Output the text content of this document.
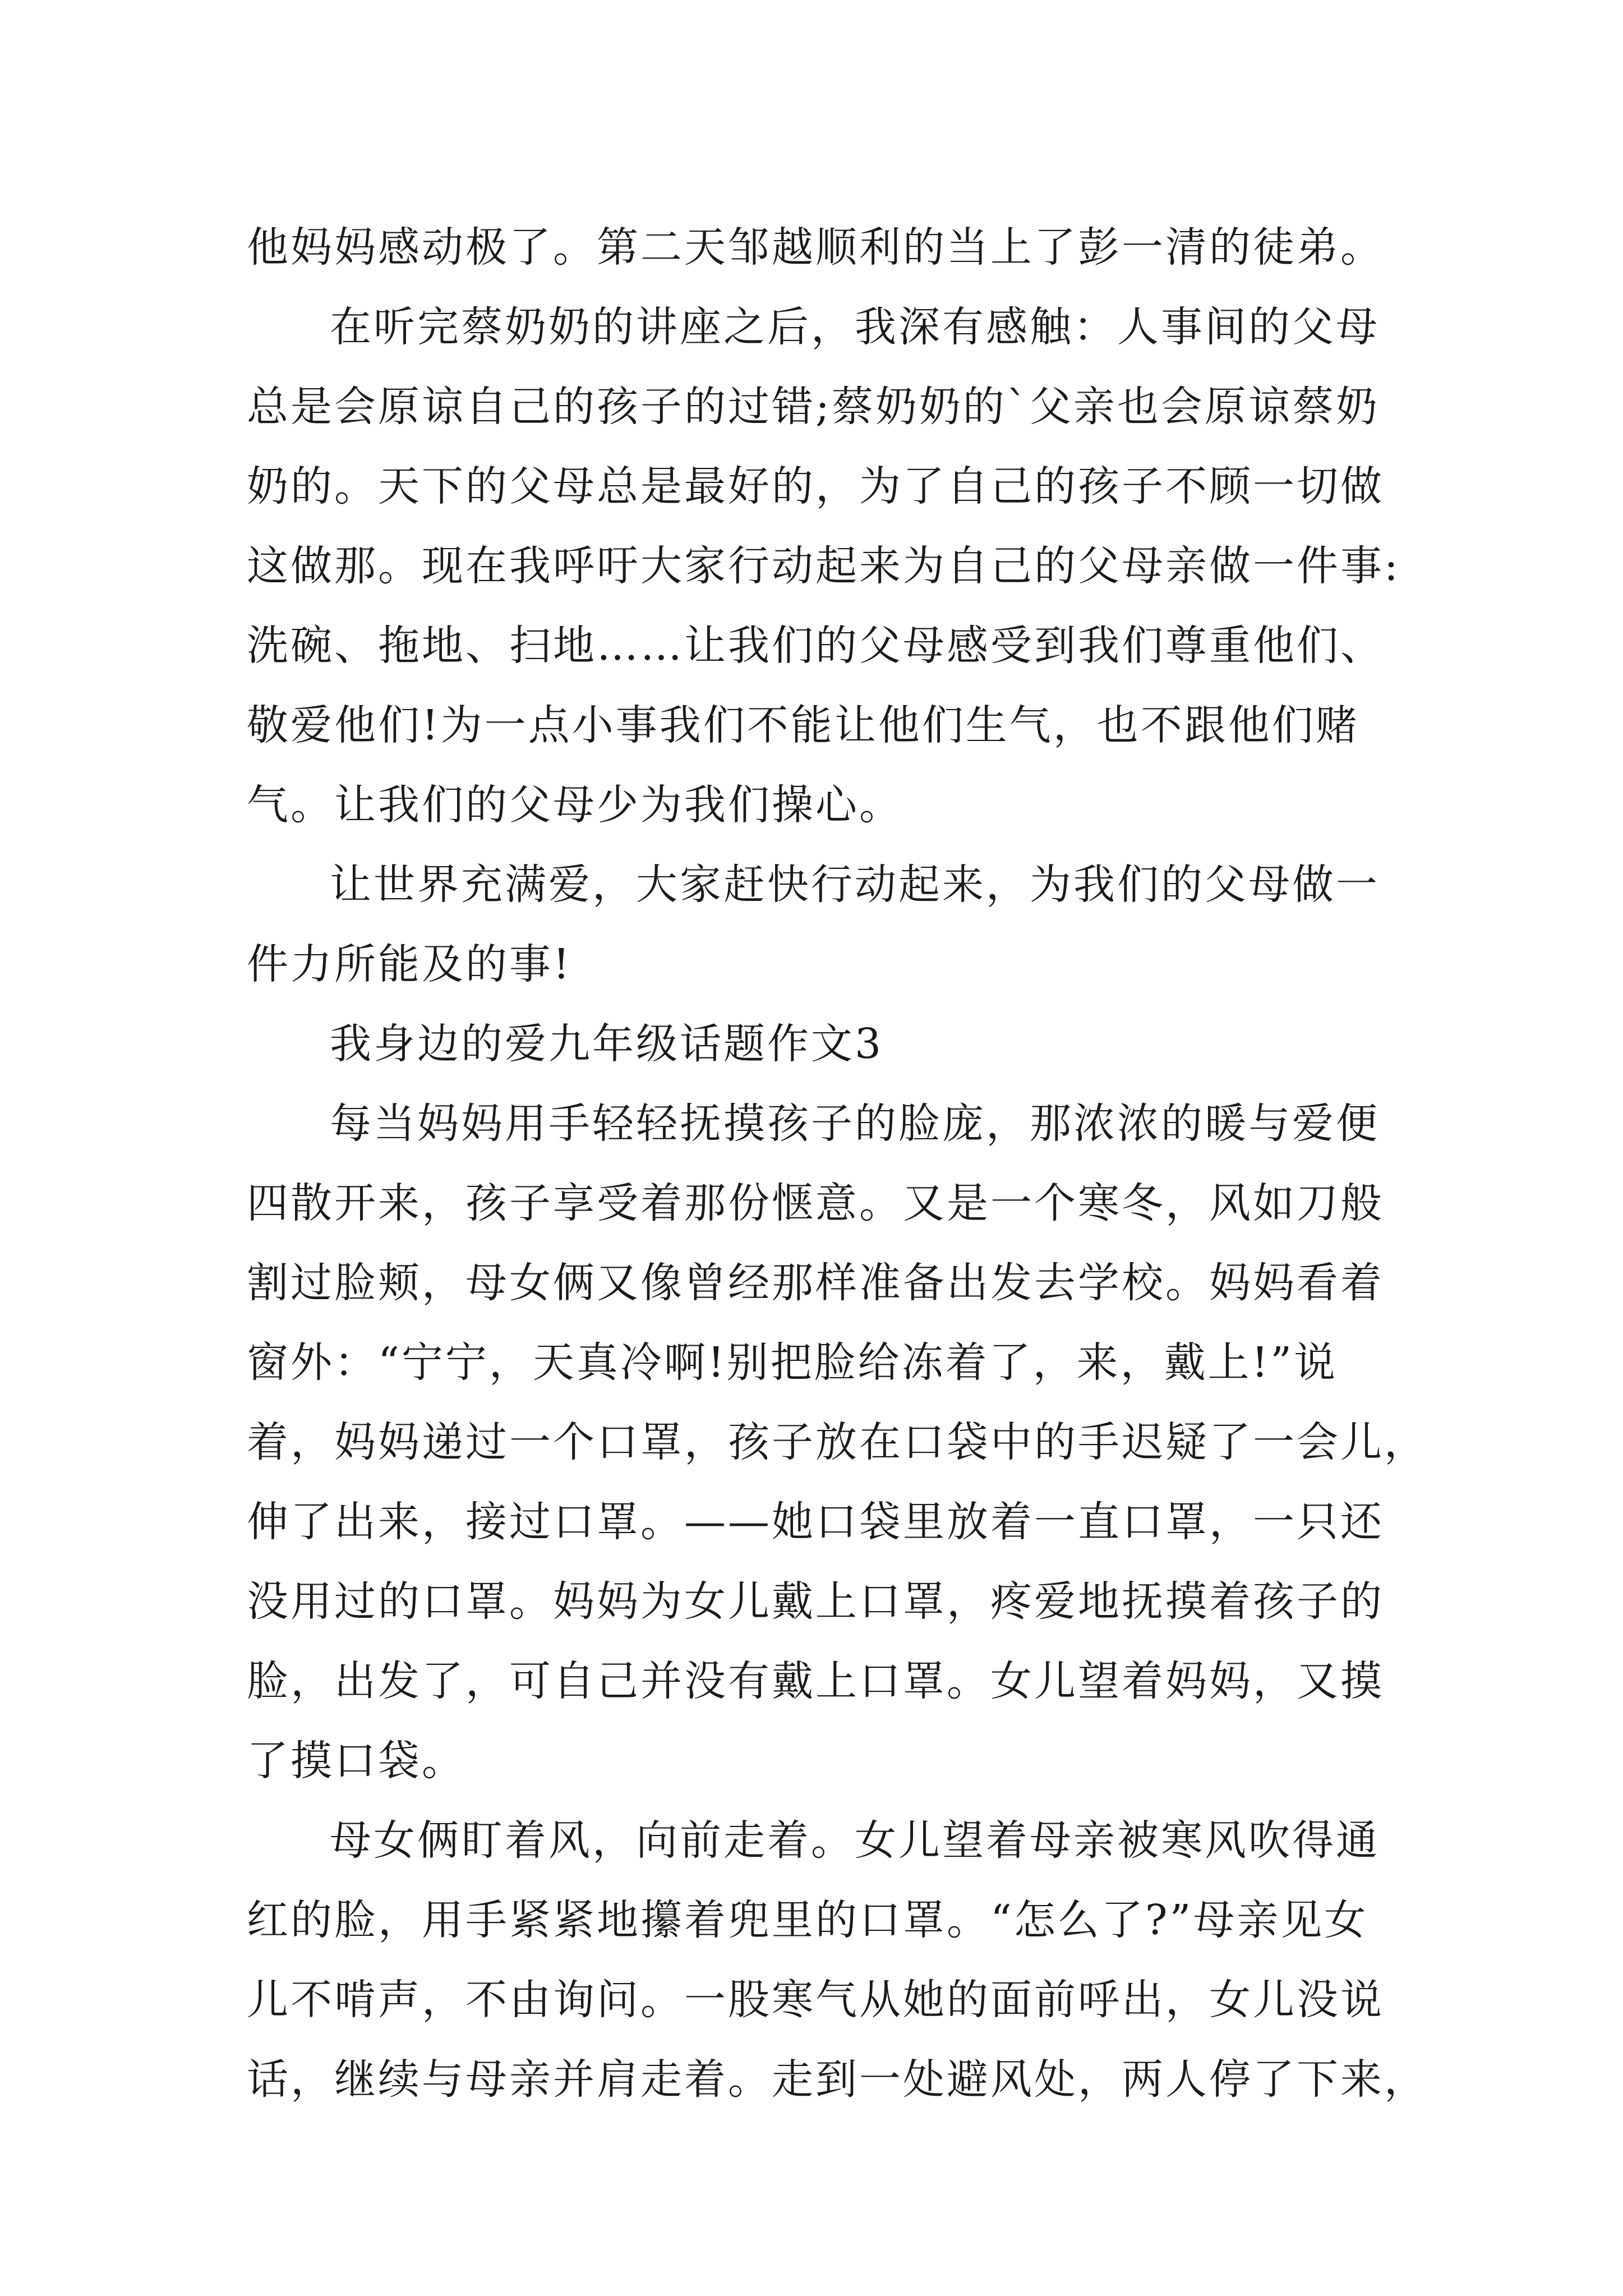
他妈妈感动极了。第二天邹越顺利的当上了彭一清的徒弟。
在听完蔡奶奶的讲座之后，我深有感触：人事间的父母
总是会原谅自己的孩子的过错;蔡奶奶的`父亲也会原谅蔡奶
奶的。天下的父母总是最好的，为了自己的孩子不顾一切做
这做那。现在我呼吁大家行动起来为自己的父母亲做一件事:
洗碗、拖地、扫地……让我们的父母感受到我们尊重他们、
敬爱他们!为一点小事我们不能让他们生气，也不跟他们赌
气。让我们的父母少为我们操心。
让世界充满爱，大家赶快行动起来，为我们的父母做一
件力所能及的事!
我身边的爱九年级话题作文3
每当妈妈用手轻轻抚摸孩子的脸庞，那浓浓的暖与爱便
四散开来，孩子享受着那份惬意。又是一个寒冬，风如刀般
割过脸颊，母女俩又像曾经那样准备出发去学校。妈妈看着
窗外：“宁宁，天真冷啊!别把脸给冻着了，来，戴上!”说
着，妈妈递过一个口罩，孩子放在口袋中的手迟疑了一会儿，
伸了出来，接过口罩。——她口袋里放着一直口罩，一只还
没用过的口罩。妈妈为女儿戴上口罩，疼爱地抚摸着孩子的
脸，出发了，可自己并没有戴上口罩。女儿望着妈妈，又摸
了摸口袋。
母女俩盯着风，向前走着。女儿望着母亲被寒风吹得通
红的脸，用手紧紧地攥着兜里的口罩。“怎么了?”母亲见女
儿不啃声，不由询问。一股寒气从她的面前呼出，女儿没说
话，继续与母亲并肩走着。走到一处避风处，两人停了下来，
